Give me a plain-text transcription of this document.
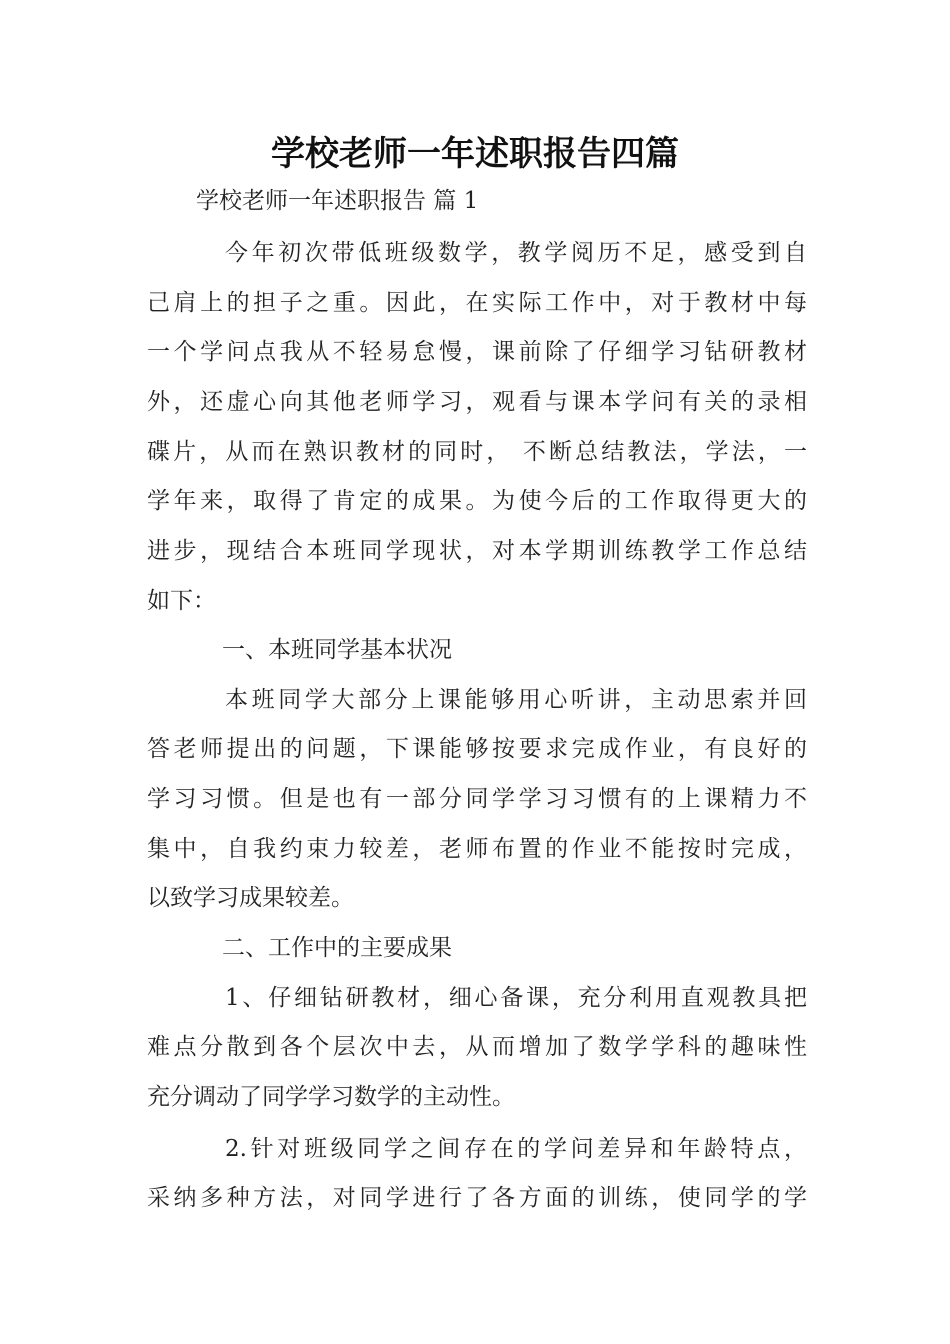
学校老师一年述职报告四篇
学校老师一年述职报告 篇 1
今年初次带低班级数学，教学阅历不足，感受到自
己肩上的担子之重。因此，在实际工作中，对于教材中每
一个学问点我从不轻易怠慢，课前除了仔细学习钻研教材
外，还虚心向其他老师学习，观看与课本学问有关的录相
碟片，从而在熟识教材的同时， 不断总结教法，学法，一
学年来，取得了肯定的成果。为使今后的工作取得更大的
进步，现结合本班同学现状，对本学期训练教学工作总结
如下：
一、本班同学基本状况
本班同学大部分上课能够用心听讲，主动思索并回
答老师提出的问题，下课能够按要求完成作业，有良好的
学习习惯。但是也有一部分同学学习习惯有的上课精力不
集中，自我约束力较差，老师布置的作业不能按时完成，
以致学习成果较差。
二、工作中的主要成果
1、仔细钻研教材，细心备课，充分利用直观教具把
难点分散到各个层次中去，从而增加了数学学科的趣味性
充分调动了同学学习数学的主动性。
2.针对班级同学之间存在的学问差异和年龄特点，
采纳多种方法，对同学进行了各方面的训练，使同学的学
